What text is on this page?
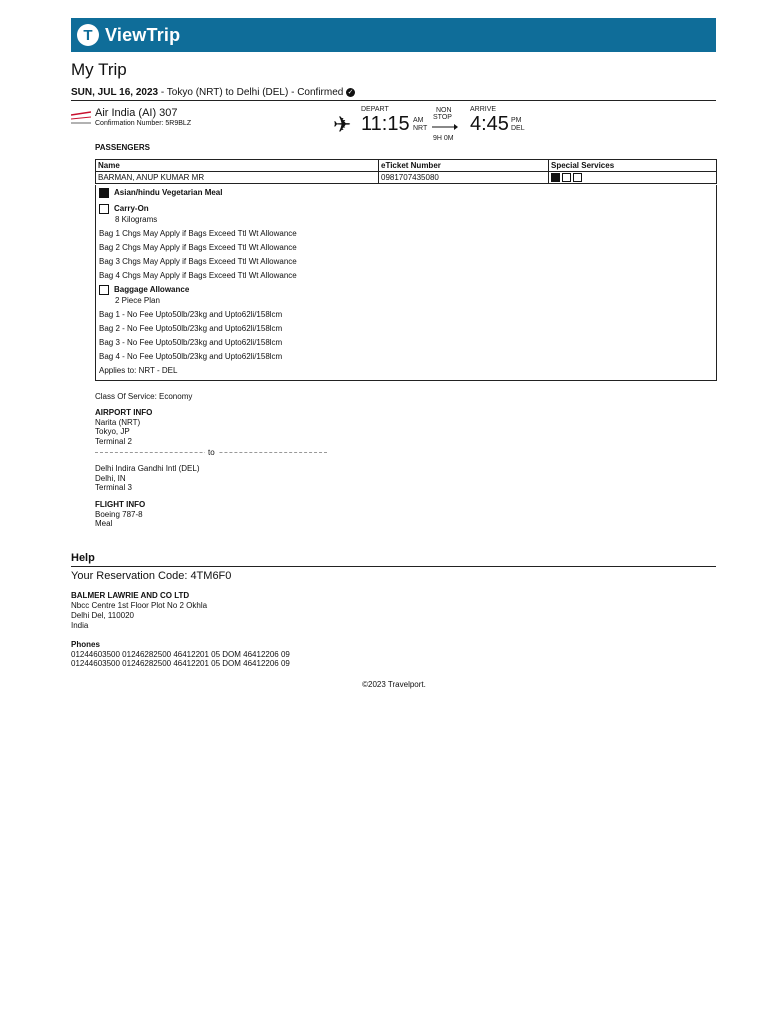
T ViewTrip
My Trip
SUN, JUL 16, 2023 - Tokyo (NRT) to Delhi (DEL) - Confirmed ✓
Air India (AI) 307
Confirmation Number: 5R9BLZ	✈
DEPART
11:15 AM
NRT
NON
STOP
9H 0M
ARRIVE
4:45 PM
DEL
PASSENGERS
Name	eTicket Number	Special Services
BARMAN, ANUP KUMAR MR	0981707435080	
Asian/hindu Vegetarian Meal
Carry-On
8 Kilograms
Bag 1 Chgs May Apply if Bags Exceed Ttl Wt Allowance
Bag 2 Chgs May Apply if Bags Exceed Ttl Wt Allowance
Bag 3 Chgs May Apply if Bags Exceed Ttl Wt Allowance
Bag 4 Chgs May Apply if Bags Exceed Ttl Wt Allowance
Baggage Allowance
2 Piece Plan
Bag 1 - No Fee Upto50lb/23kg and Upto62li/158lcm
Bag 2 - No Fee Upto50lb/23kg and Upto62li/158lcm
Bag 3 - No Fee Upto50lb/23kg and Upto62li/158lcm
Bag 4 - No Fee Upto50lb/23kg and Upto62li/158lcm
Applies to: NRT - DEL
Class Of Service: Economy
AIRPORT INFO
Narita (NRT)
Tokyo, JP
Terminal 2
to
Delhi Indira Gandhi Intl (DEL)
Delhi, IN
Terminal 3
FLIGHT INFO
Boeing 787-8
Meal
Help
Your Reservation Code: 4TM6F0
BALMER LAWRIE AND CO LTD
Nbcc Centre 1st Floor Plot No 2 Okhla
Delhi Del, 110020
India
Phones
01244603500 01246282500 46412201 05 DOM 46412206 09
01244603500 01246282500 46412201 05 DOM 46412206 09
©2023 Travelport.
